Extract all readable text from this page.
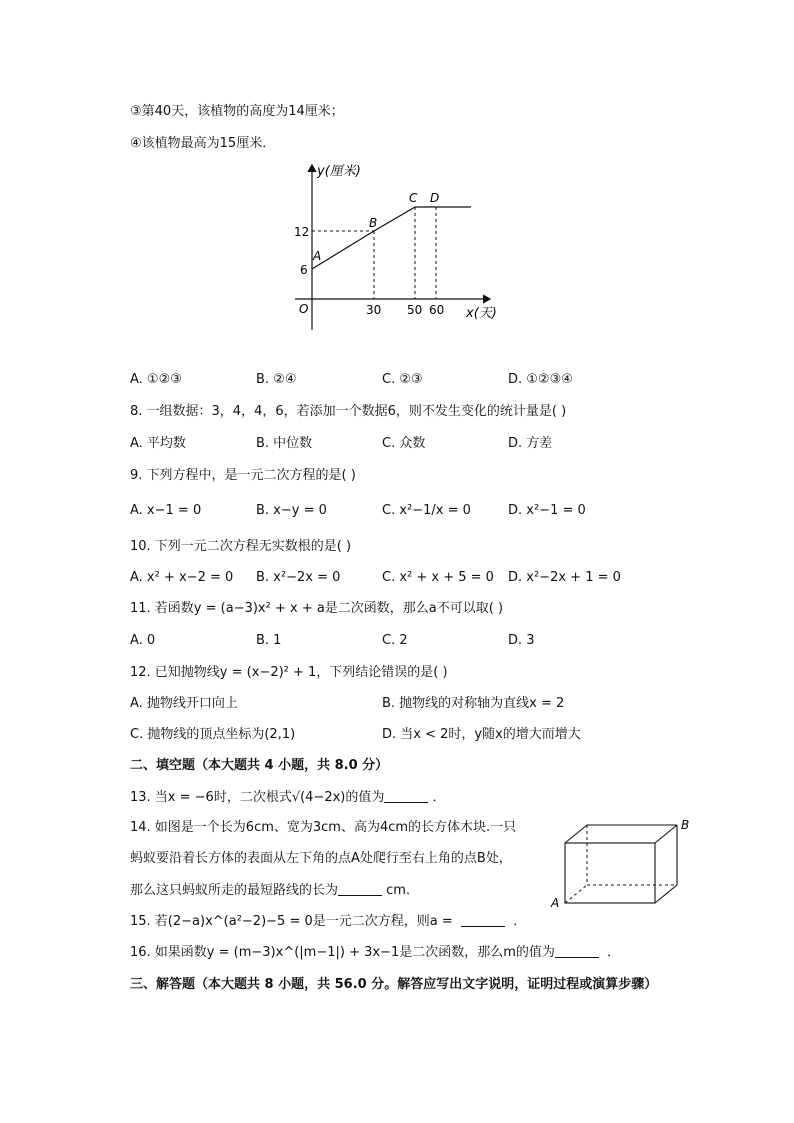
③第40天，该植物的高度为14厘米；
④该植物最高为15厘米．
y(厘米)
x(天)
O	30 50 60
6
12
A
B
C D
A. ①②③	B. ②④	C. ②③	D. ①②③④
8. 一组数据：3，4，4，6，若添加一个数据6，则不发生变化的统计量是( )
A. 平均数	B. 中位数	C. 众数	D. 方差
9. 下列方程中，是一元二次方程的是( )
A. x−1 = 0	B. x−y = 0	C. x²−1/x = 0	D. x²−1 = 0
10. 下列一元二次方程无实数根的是( )
A. x² + x−2 = 0 B. x²−2x = 0	C. x² + x + 5 = 0 D. x²−2x + 1 = 0
11. 若函数y = (a−3)x² + x + a是二次函数，那么a不可以取( )
A. 0	B. 1	C. 2	D. 3
12. 已知抛物线y = (x−2)² + 1，下列结论错误的是( )
A. 抛物线开口向上	B. 抛物线的对称轴为直线x = 2
C. 抛物线的顶点坐标为(2,1)	D. 当x < 2时，y随x的增大而增大
二、填空题（本大题共 4 小题，共 8.0 分）
13. 当x = −6时，二次根式√(4−2x)的值为	．
14. 如图是一个长为6cm、宽为3cm、高为4cm的长方体木块.一只
蚂蚁要沿着长方体的表面从左下角的点A处爬行至右上角的点B处，
那么这只蚂蚁所走的最短路线的长为	cm．
A
B
15. 若(2−a)x^(a²−2)−5 = 0是一元二次方程，则a =	．
16. 如果函数y = (m−3)x^(|m−1|) + 3x−1是二次函数，那么m的值为	．
三、解答题（本大题共 8 小题，共 56.0 分。解答应写出文字说明，证明过程或演算步骤）
